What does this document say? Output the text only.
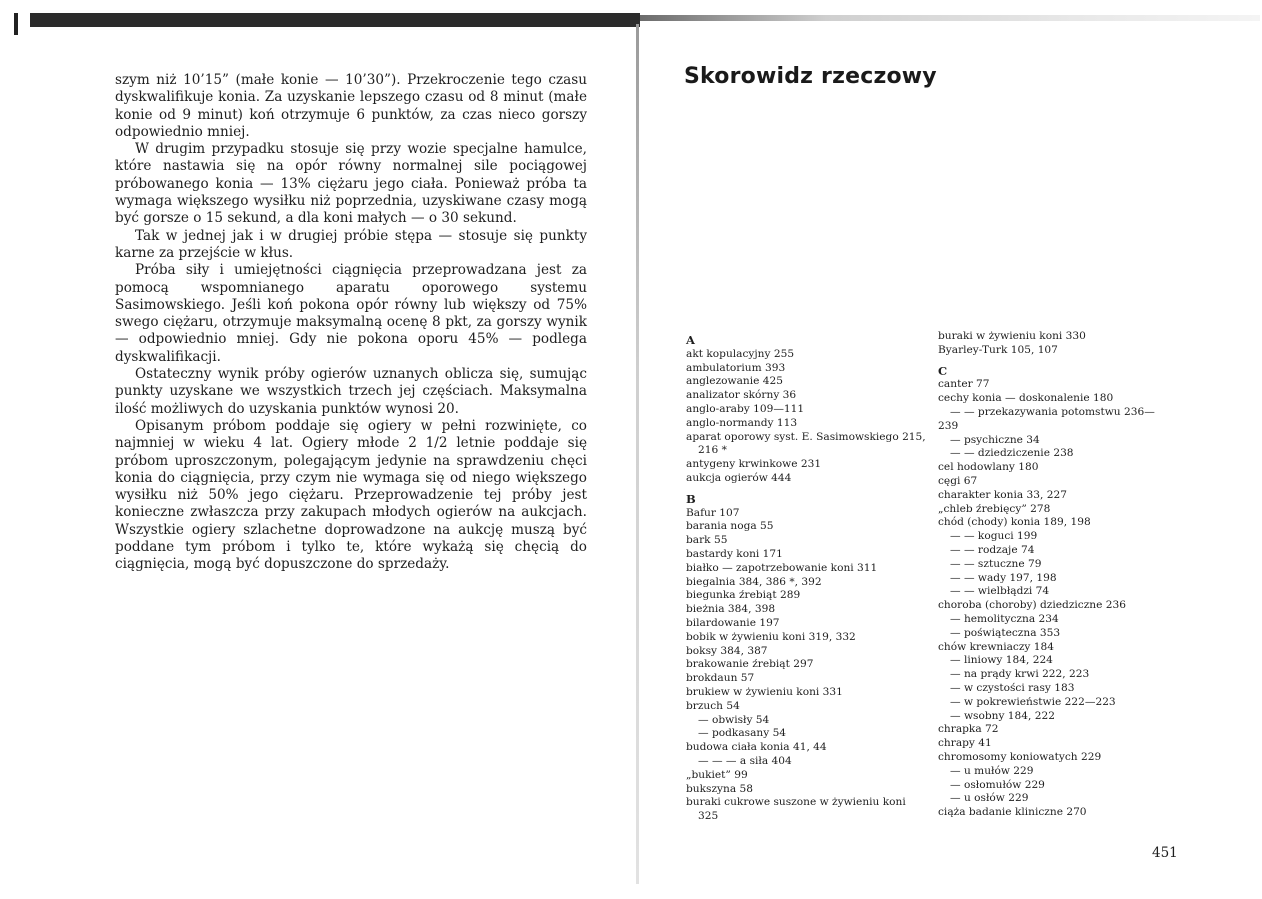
szym niż 10’15” (małe konie — 10’30”). Przekroczenie tego czasu dyskwalifikuje konia. Za uzyskanie lepszego czasu od 8 minut (małe konie od 9 minut) koń otrzymuje 6 punktów, za czas nieco gorszy odpowiednio mniej.

W drugim przypadku stosuje się przy wozie specjalne hamulce, które nastawia się na opór równy normalnej sile pociągowej próbowanego konia — 13% ciężaru jego ciała. Ponieważ próba ta wymaga większego wysiłku niż poprzednia, uzyskiwane czasy mogą być gorsze o 15 sekund, a dla koni małych — o 30 sekund.

Tak w jednej jak i w drugiej próbie stępa — stosuje się punkty karne za przejście w kłus.

Próba siły i umiejętności ciągnięcia przeprowadzana jest za pomocą wspomnianego aparatu oporowego systemu Sasimowskiego. Jeśli koń pokona opór równy lub większy od 75% swego ciężaru, otrzymuje maksymalną ocenę 8 pkt, za gorszy wynik — odpowiednio mniej. Gdy nie pokona oporu 45% — podlega dyskwalifikacji.

Ostateczny wynik próby ogierów uznanych oblicza się, sumując punkty uzyskane we wszystkich trzech jej częściach. Maksymalna ilość możliwych do uzyskania punktów wynosi 20.

Opisanym próbom poddaje się ogiery w pełni rozwinięte, co najmniej w wieku 4 lat. Ogiery młode 2 1/2 letnie poddaje się próbom uproszczonym, polegającym jedynie na sprawdzeniu chęci konia do ciągnięcia, przy czym nie wymaga się od niego większego wysiłku niż 50% jego ciężaru. Przeprowadzenie tej próby jest konieczne zwłaszcza przy zakupach młodych ogierów na aukcjach. Wszystkie ogiery szlachetne doprowadzone na aukcję muszą być poddane tym próbom i tylko te, które wykażą się chęcią do ciągnięcia, mogą być dopuszczone do sprzedaży.

Skorowidz rzeczowy
A
akt kopulacyjny 255
ambulatorium 393
anglezowanie 425
analizator skórny 36
anglo-araby 109—111
anglo-normandy 113
aparat oporowy syst. E. Sasimowskiego 215,
216 *
antygeny krwinkowe 231
aukcja ogierów 444
B
Bafur 107
barania noga 55
bark 55
bastardy koni 171
białko — zapotrzebowanie koni 311
biegalnia 384, 386 *, 392
biegunka źrebiąt 289
bieżnia 384, 398
bilardowanie 197
bobik w żywieniu koni 319, 332
boksy 384, 387
brakowanie źrebiąt 297
brokdaun 57
brukiew w żywieniu koni 331
brzuch 54
— obwisły 54
— podkasany 54
budowa ciała konia 41, 44
— — — a siła 404
„bukiet” 99
bukszyna 58
buraki cukrowe suszone w żywieniu koni
325
buraki w żywieniu koni 330
Byarley-Turk 105, 107
C
canter 77
cechy konia — doskonalenie 180
— — przekazywania potomstwu 236—
239
— psychiczne 34
— — dziedziczenie 238
cel hodowlany 180
cęgi 67
charakter konia 33, 227
„chleb źrebięcy” 278
chód (chody) konia 189, 198
— — koguci 199
— — rodzaje 74
— — sztuczne 79
— — wady 197, 198
— — wielbłądzi 74
choroba (choroby) dziedziczne 236
— hemolityczna 234
— poświąteczna 353
chów krewniaczy 184
— liniowy 184, 224
— na prądy krwi 222, 223
— w czystości rasy 183
— w pokrewieństwie 222—223
— wsobny 184, 222
chrapka 72
chrapy 41
chromosomy koniowatych 229
— u mułów 229
— osłomułów 229
— u osłów 229
ciąża badanie kliniczne 270
451
